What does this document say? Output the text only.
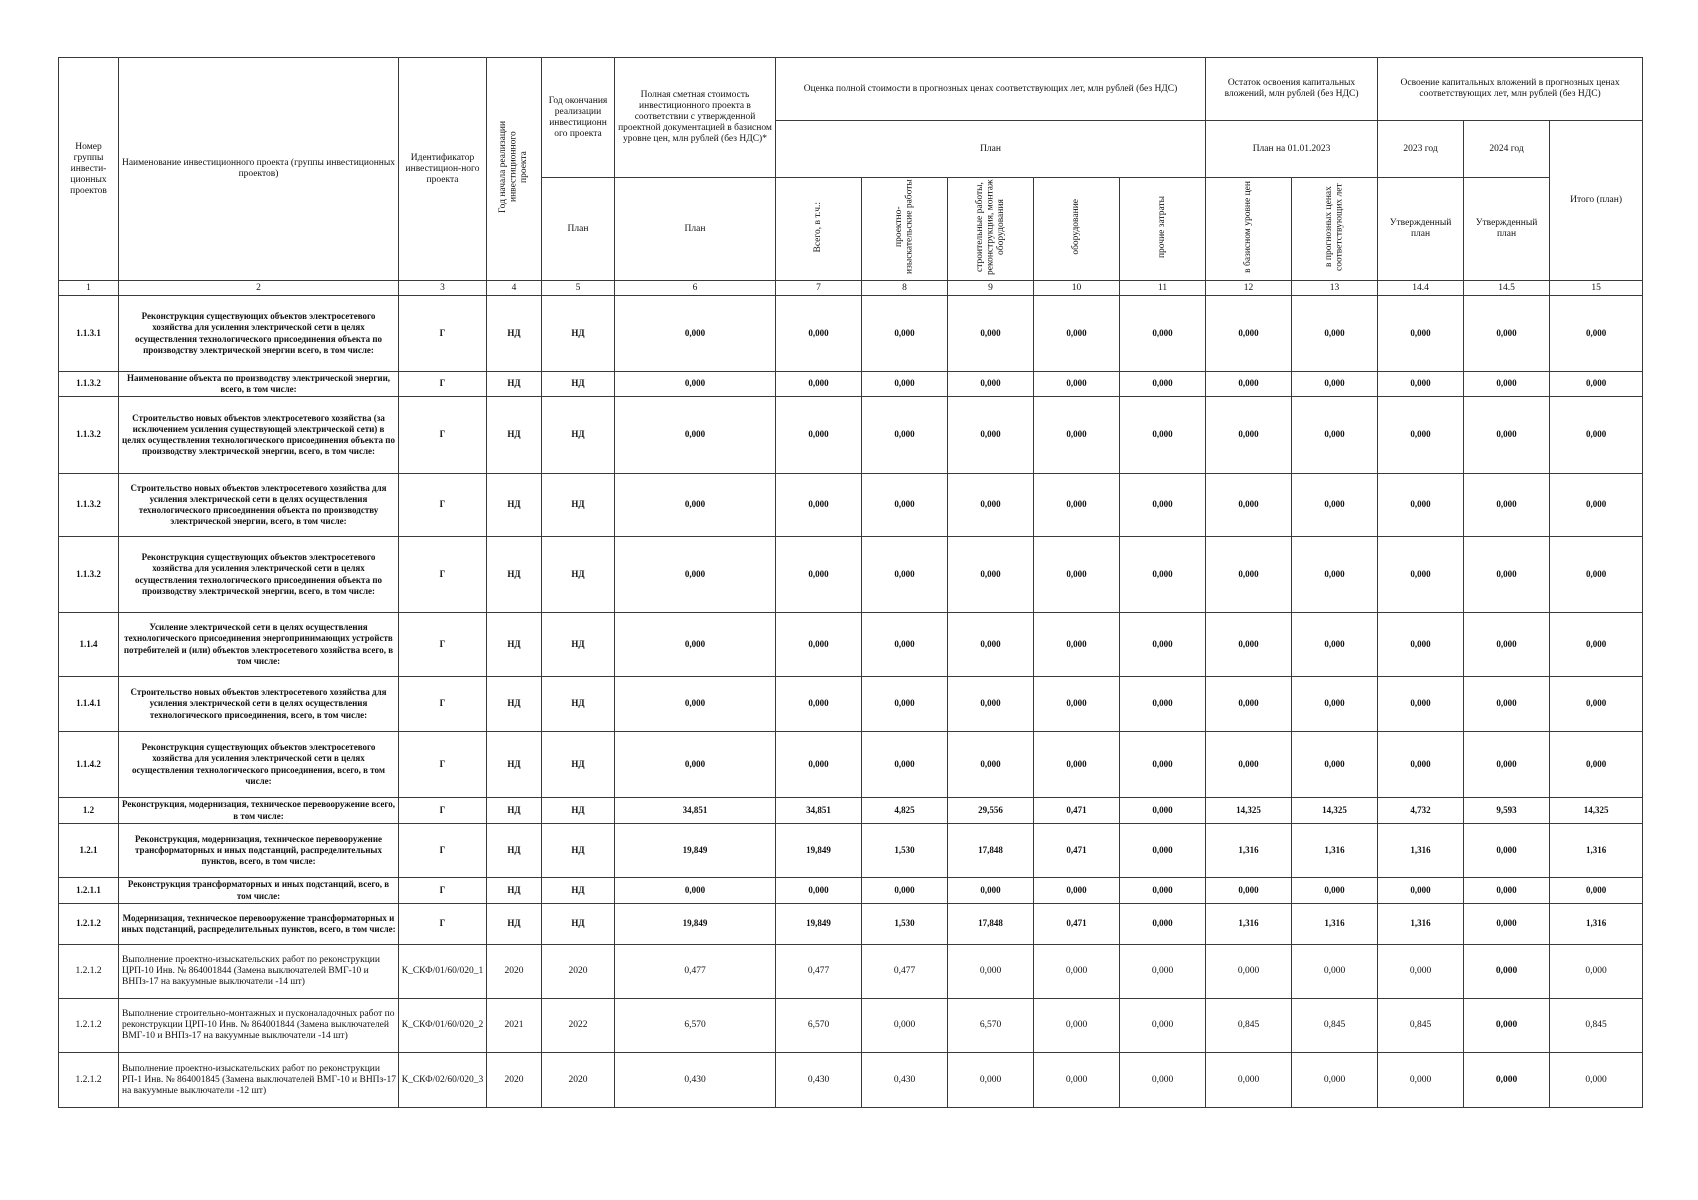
Номер группы инвести-ционных проектов	Наименование инвестиционного проекта (группы инвестиционных проектов)	Идентификатор инвестицион-ного проекта	Год начала реализации инвестиционного проекта	Год окончания реализации инвестиционн ого проекта	Полная сметная стоимость инвестиционного проекта в соответствии с утвержденной проектной документацией в базисном уровне цен, млн рублей (без НДС)*	Оценка полной стоимости в прогнозных ценах соответствующих лет, млн рублей (без НДС)					Остаток освоения капитальных вложений, млн рублей (без НДС)		Освоение капитальных вложений в прогнозных ценах соответствующих лет, млн рублей (без НДС)		
						План					План на 01.01.2023		2023 год	2024 год	Итого (план)
				План	План	Всего, в т.ч.:	проектно-изыскательские работы	строительные работы, реконструкция, монтаж оборудования	оборудование	прочие затраты	в базисном уровне цен	в прогнозных ценах соответствующих лет	Утвержденный план	Утвержденный план	
1	2	3	4	5	6	7	8	9	10	11	12	13	14.4	14.5	15
1.1.3.1	Реконструкция существующих объектов электросетевого хозяйства для усиления электрической сети в целях осуществления технологического присоединения объекта по производству электрической энергии всего, в том числе:	Г	НД	НД	0,000	0,000	0,000	0,000	0,000	0,000	0,000	0,000	0,000	0,000	0,000
1.1.3.2	Наименование объекта по производству электрической энергии, всего, в том числе:	Г	НД	НД	0,000	0,000	0,000	0,000	0,000	0,000	0,000	0,000	0,000	0,000	0,000
1.1.3.2	Строительство новых объектов электросетевого хозяйства (за исключением усиления существующей электрической сети) в целях осуществления технологического присоединения объекта по производству электрической энергии, всего, в том числе:	Г	НД	НД	0,000	0,000	0,000	0,000	0,000	0,000	0,000	0,000	0,000	0,000	0,000
1.1.3.2	Строительство новых объектов электросетевого хозяйства для усиления электрической сети в целях осуществления технологического присоединения объекта по производству электрической энергии, всего, в том числе:	Г	НД	НД	0,000	0,000	0,000	0,000	0,000	0,000	0,000	0,000	0,000	0,000	0,000
1.1.3.2	Реконструкция существующих объектов электросетевого хозяйства для усиления электрической сети в целях осуществления технологического присоединения объекта по производству электрической энергии, всего, в том числе:	Г	НД	НД	0,000	0,000	0,000	0,000	0,000	0,000	0,000	0,000	0,000	0,000	0,000
1.1.4	Усиление электрической сети в целях осуществления технологического присоединения энергопринимающих устройств потребителей и (или) объектов электросетевого хозяйства всего, в том числе:	Г	НД	НД	0,000	0,000	0,000	0,000	0,000	0,000	0,000	0,000	0,000	0,000	0,000
1.1.4.1	Строительство новых объектов электросетевого хозяйства для усиления электрической сети в целях осуществления технологического присоединения, всего, в том числе:	Г	НД	НД	0,000	0,000	0,000	0,000	0,000	0,000	0,000	0,000	0,000	0,000	0,000
1.1.4.2	Реконструкция существующих объектов электросетевого хозяйства для усиления электрической сети в целях осуществления технологического присоединения, всего, в том числе:	Г	НД	НД	0,000	0,000	0,000	0,000	0,000	0,000	0,000	0,000	0,000	0,000	0,000
1.2	Реконструкция, модернизация, техническое перевооружение всего, в том числе:	Г	НД	НД	34,851	34,851	4,825	29,556	0,471	0,000	14,325	14,325	4,732	9,593	14,325
1.2.1	Реконструкция, модернизация, техническое перевооружение трансформаторных и иных подстанций, распределительных пунктов, всего, в том числе:	Г	НД	НД	19,849	19,849	1,530	17,848	0,471	0,000	1,316	1,316	1,316	0,000	1,316
1.2.1.1	Реконструкция трансформаторных и иных подстанций, всего, в том числе:	Г	НД	НД	0,000	0,000	0,000	0,000	0,000	0,000	0,000	0,000	0,000	0,000	0,000
1.2.1.2	Модернизация, техническое перевооружение трансформаторных и иных подстанций, распределительных пунктов, всего, в том числе:	Г	НД	НД	19,849	19,849	1,530	17,848	0,471	0,000	1,316	1,316	1,316	0,000	1,316
1.2.1.2	Выполнение проектно-изыскательских работ по реконструкции ЦРП-10 Инв. № 864001844 (Замена выключателей ВМГ-10 и ВНПз-17 на вакуумные выключатели -14 шт)	К_СКФ/01/60/020_1	2020	2020	0,477	0,477	0,477	0,000	0,000	0,000	0,000	0,000	0,000	0,000	0,000
1.2.1.2	Выполнение строительно-монтажных и пусконаладочных работ по реконструкции ЦРП-10 Инв. № 864001844 (Замена выключателей ВМГ-10 и ВНПз-17 на вакуумные выключатели -14 шт)	К_СКФ/01/60/020_2	2021	2022	6,570	6,570	0,000	6,570	0,000	0,000	0,845	0,845	0,845	0,000	0,845
1.2.1.2	Выполнение проектно-изыскательских работ по реконструкции РП-1 Инв. № 864001845 (Замена выключателей ВМГ-10 и ВНПз-17 на вакуумные выключатели -12 шт)	К_СКФ/02/60/020_3	2020	2020	0,430	0,430	0,430	0,000	0,000	0,000	0,000	0,000	0,000	0,000	0,000
